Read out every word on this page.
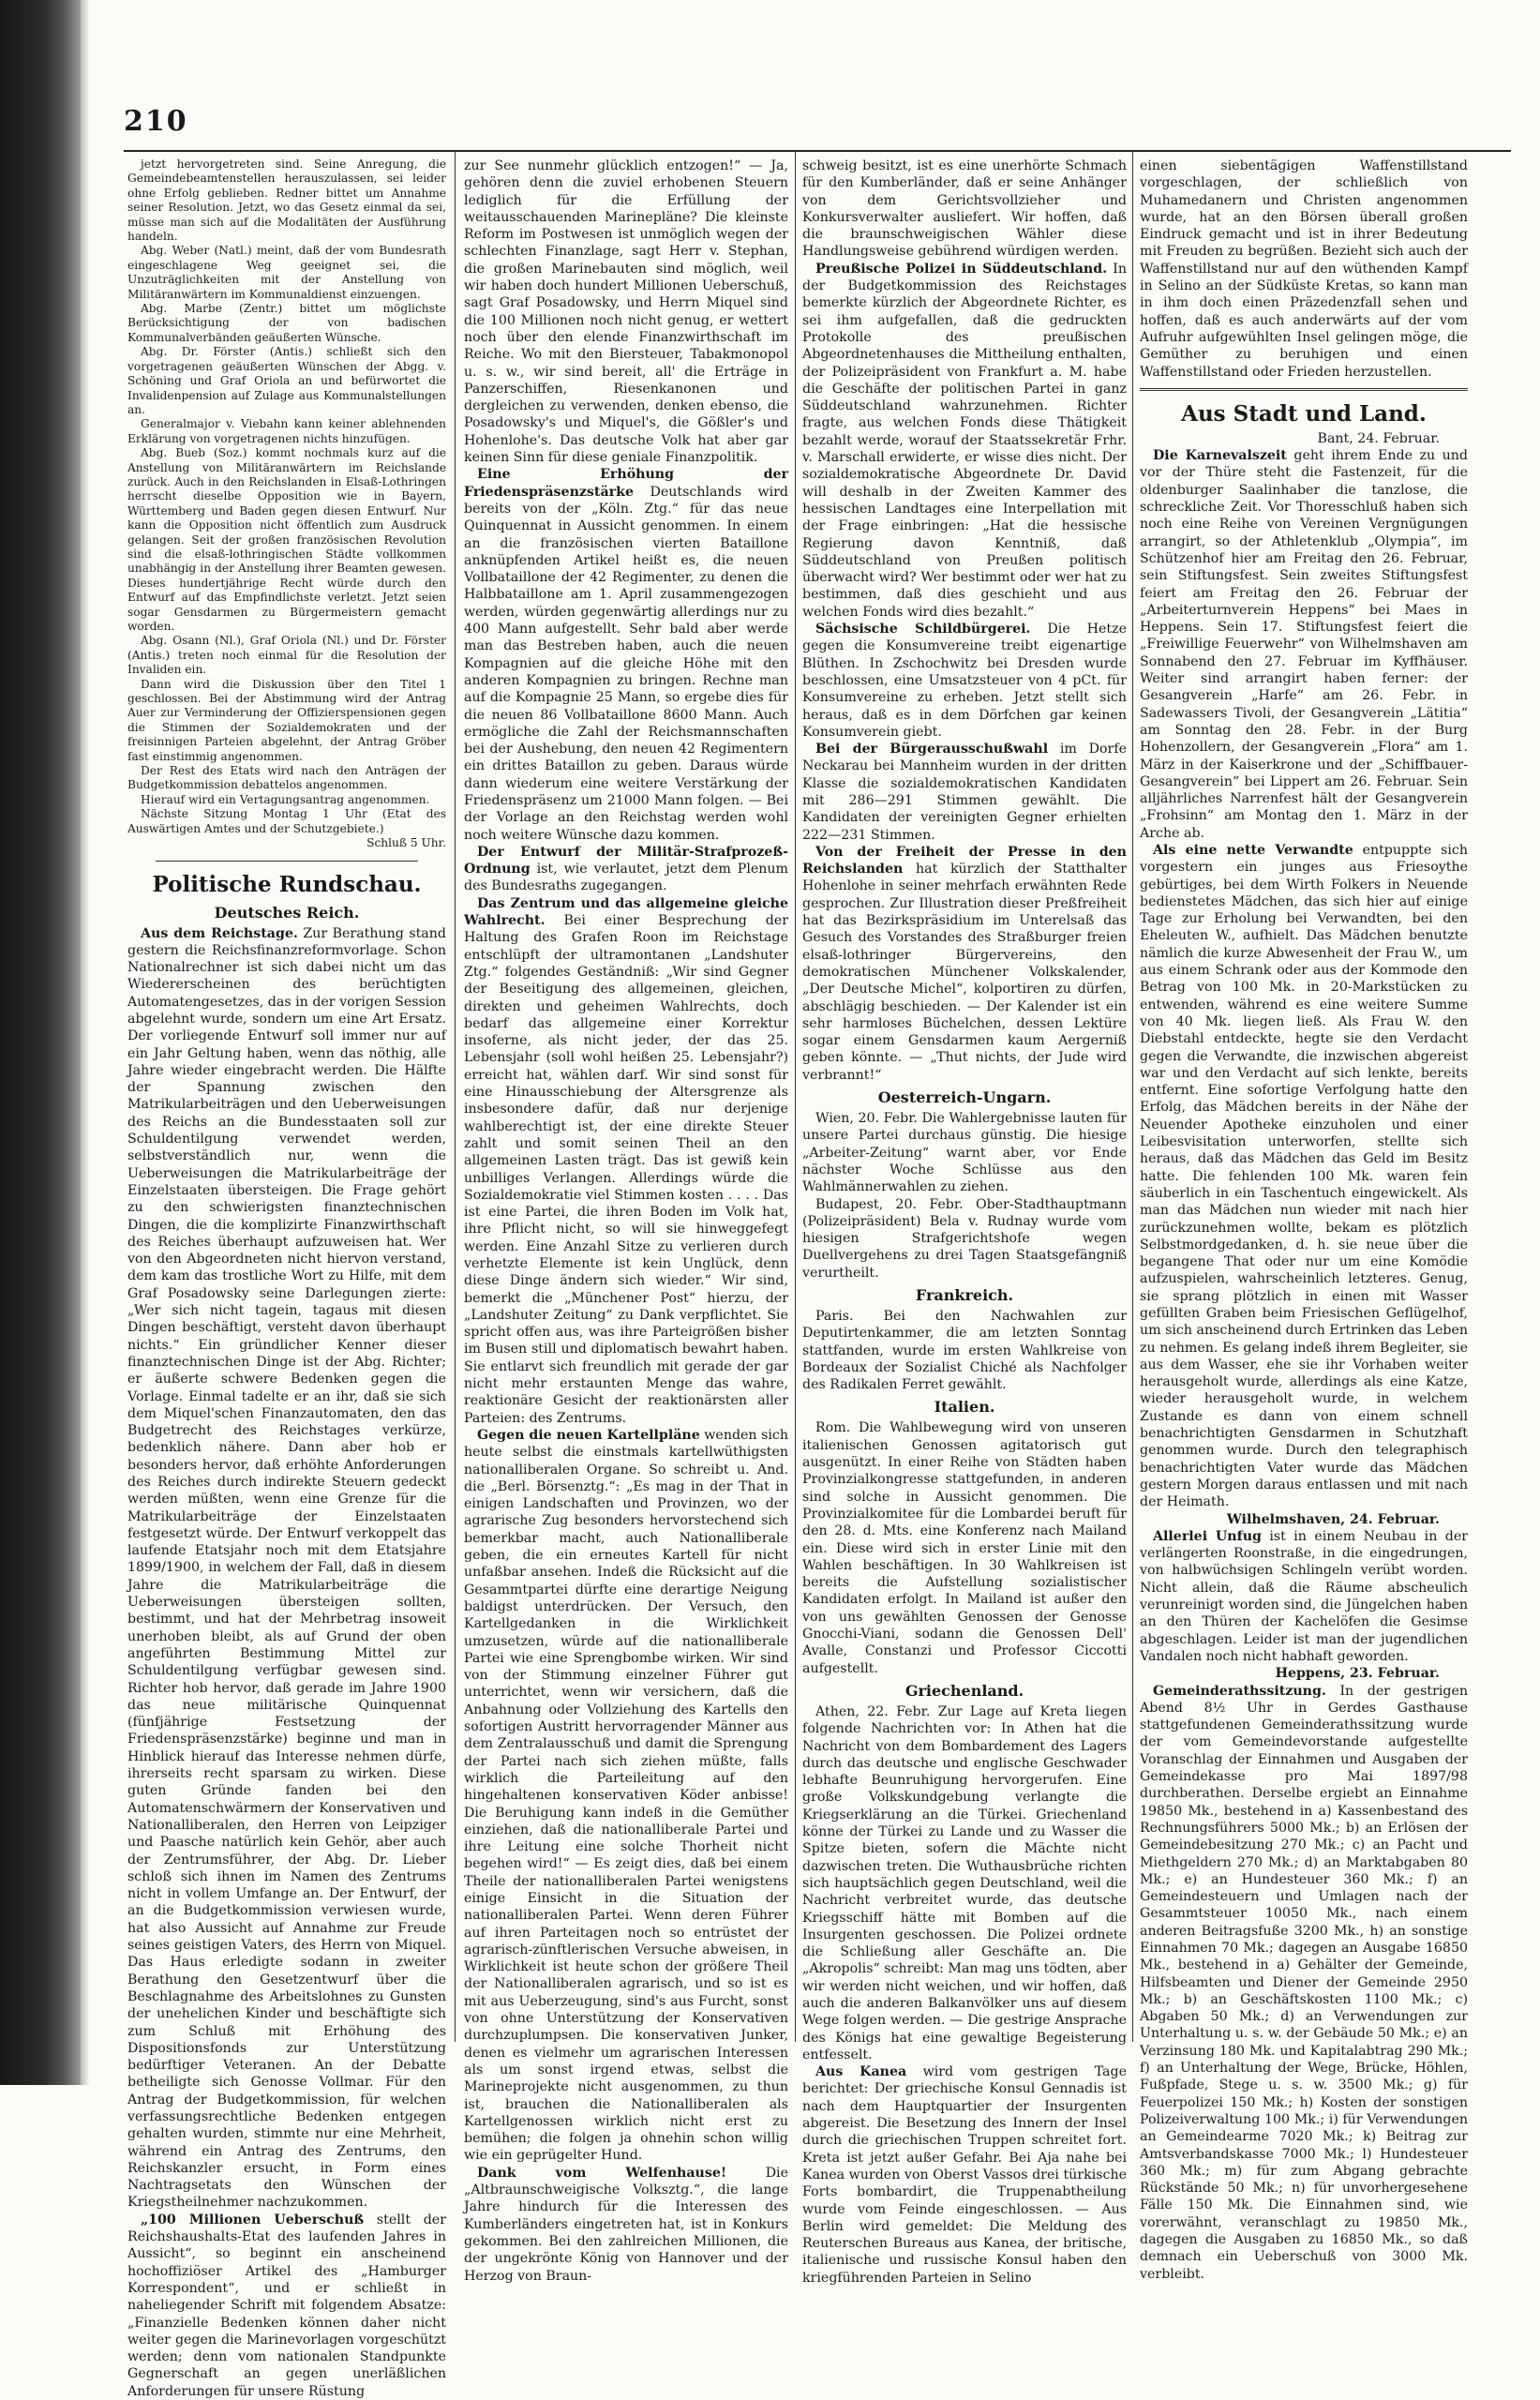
210

jetzt hervorgetreten sind. Seine Anregung, die Gemeindebeamtenstellen herauszulassen, sei leider ohne Erfolg geblieben. Redner bittet um Annahme seiner Resolution. Jetzt, wo das Gesetz einmal da sei, müsse man sich auf die Modalitäten der Ausführung handeln.

Abg. Weber (Natl.) meint, daß der vom Bundesrath eingeschlagene Weg geeignet sei, die Unzuträglichkeiten mit der Anstellung von Militäranwärtern im Kommunaldienst einzuengen.

Abg. Marbe (Zentr.) bittet um möglichste Berücksichtigung der von badischen Kommunalverbänden geäußerten Wünsche.

Abg. Dr. Förster (Antis.) schließt sich den vorgetragenen geäußerten Wünschen der Abgg. v. Schöning und Graf Oriola an und befürwortet die Invalidenpension auf Zulage aus Kommunalstellungen an.

Generalmajor v. Viebahn kann keiner ablehnenden Erklärung von vorgetragenen nichts hinzufügen.

Abg. Bueb (Soz.) kommt nochmals kurz auf die Anstellung von Militäranwärtern im Reichslande zurück. Auch in den Reichslanden in Elsaß-Lothringen herrscht dieselbe Opposition wie in Bayern, Württemberg und Baden gegen diesen Entwurf. Nur kann die Opposition nicht öffentlich zum Ausdruck gelangen. Seit der großen französischen Revolution sind die elsaß-lothringischen Städte vollkommen unabhängig in der Anstellung ihrer Beamten gewesen. Dieses hundertjährige Recht würde durch den Entwurf auf das Empfindlichste verletzt. Jetzt seien sogar Gensdarmen zu Bürgermeistern gemacht worden.

Abg. Osann (Nl.), Graf Oriola (Nl.) und Dr. Förster (Antis.) treten noch einmal für die Resolution der Invaliden ein.

Dann wird die Diskussion über den Titel 1 geschlossen. Bei der Abstimmung wird der Antrag Auer zur Verminderung der Offizierspensionen gegen die Stimmen der Sozialdemokraten und der freisinnigen Parteien abgelehnt, der Antrag Gröber fast einstimmig angenommen.

Der Rest des Etats wird nach den Anträgen der Budgetkommission debattelos angenommen.

Hierauf wird ein Vertagungsantrag angenommen.

Nächste Sitzung Montag 1 Uhr (Etat des Auswärtigen Amtes und der Schutzgebiete.)

Schluß 5 Uhr.

Politische Rundschau.
Deutsches Reich.

Aus dem Reichstage. Zur Berathung stand gestern die Reichsfinanzreformvorlage. Schon Nationalrechner ist sich dabei nicht um das Wiedererscheinen des berüchtigten Automatengesetzes, das in der vorigen Session abgelehnt wurde, sondern um eine Art Ersatz. Der vorliegende Entwurf soll immer nur auf ein Jahr Geltung haben, wenn das nöthig, alle Jahre wieder eingebracht werden. Die Hälfte der Spannung zwischen den Matrikularbeiträgen und den Ueberweisungen des Reichs an die Bundesstaaten soll zur Schuldentilgung verwendet werden, selbstverständlich nur, wenn die Ueberweisungen die Matrikularbeiträge der Einzelstaaten übersteigen. Die Frage gehört zu den schwierigsten finanztechnischen Dingen, die die komplizirte Finanzwirthschaft des Reiches überhaupt aufzuweisen hat. Wer von den Abgeordneten nicht hiervon verstand, dem kam das trostliche Wort zu Hilfe, mit dem Graf Posadowsky seine Darlegungen zierte: „Wer sich nicht tagein, tagaus mit diesen Dingen beschäftigt, versteht davon überhaupt nichts.“ Ein gründlicher Kenner dieser finanztechnischen Dinge ist der Abg. Richter; er äußerte schwere Bedenken gegen die Vorlage. Einmal tadelte er an ihr, daß sie sich dem Miquel'schen Finanzautomaten, den das Budgetrecht des Reichstages verkürze, bedenklich nähere. Dann aber hob er besonders hervor, daß erhöhte Anforderungen des Reiches durch indirekte Steuern gedeckt werden müßten, wenn eine Grenze für die Matrikularbeiträge der Einzelstaaten festgesetzt würde. Der Entwurf verkoppelt das laufende Etatsjahr noch mit dem Etatsjahre 1899/1900, in welchem der Fall, daß in diesem Jahre die Matrikularbeiträge die Ueberweisungen übersteigen sollten, bestimmt, und hat der Mehrbetrag insoweit unerhoben bleibt, als auf Grund der oben angeführten Bestimmung Mittel zur Schuldentilgung verfügbar gewesen sind. Richter hob hervor, daß gerade im Jahre 1900 das neue militärische Quinquennat (fünfjährige Festsetzung der Friedenspräsenzstärke) beginne und man in Hinblick hierauf das Interesse nehmen dürfe, ihrerseits recht sparsam zu wirken. Diese guten Gründe fanden bei den Automatenschwärmern der Konservativen und Nationalliberalen, den Herren von Leipziger und Paasche natürlich kein Gehör, aber auch der Zentrumsführer, der Abg. Dr. Lieber schloß sich ihnen im Namen des Zentrums nicht in vollem Umfange an. Der Entwurf, der an die Budgetkommission verwiesen wurde, hat also Aussicht auf Annahme zur Freude seines geistigen Vaters, des Herrn von Miquel. Das Haus erledigte sodann in zweiter Berathung den Gesetzentwurf über die Beschlagnahme des Arbeitslohnes zu Gunsten der unehelichen Kinder und beschäftigte sich zum Schluß mit Erhöhung des Dispositionsfonds zur Unterstützung bedürftiger Veteranen. An der Debatte betheiligte sich Genosse Vollmar. Für den Antrag der Budgetkommission, für welchen verfassungsrechtliche Bedenken entgegen gehalten wurden, stimmte nur eine Mehrheit, während ein Antrag des Zentrums, den Reichskanzler ersucht, in Form eines Nachtragsetats den Wünschen der Kriegstheilnehmer nachzukommen.

„100 Millionen Ueberschuß stellt der Reichshaushalts-Etat des laufenden Jahres in Aussicht“, so beginnt ein anscheinend hochoffiziöser Artikel des „Hamburger Korrespondent“, und er schließt in naheliegender Schrift mit folgendem Absatze: „Finanzielle Bedenken können daher nicht weiter gegen die Marinevorlagen vorgeschützt werden; denn vom nationalen Standpunkte Gegnerschaft an gegen unerläßlichen Anforderungen für unsere Rüstung

zur See nunmehr glücklich entzogen!“ — Ja, gehören denn die zuviel erhobenen Steuern lediglich für die Erfüllung der weitausschauenden Marinepläne? Die kleinste Reform im Postwesen ist unmöglich wegen der schlechten Finanzlage, sagt Herr v. Stephan, die großen Marinebauten sind möglich, weil wir haben doch hundert Millionen Ueberschuß, sagt Graf Posadowsky, und Herrn Miquel sind die 100 Millionen noch nicht genug, er wettert noch über den elende Finanzwirthschaft im Reiche. Wo mit den Biersteuer, Tabakmonopol u. s. w., wir sind bereit, all' die Erträge in Panzerschiffen, Riesenkanonen und dergleichen zu verwenden, denken ebenso, die Posadowsky's und Miquel's, die Gößler's und Hohenlohe's. Das deutsche Volk hat aber gar keinen Sinn für diese geniale Finanzpolitik.

Eine Erhöhung der Friedenspräsenzstärke Deutschlands wird bereits von der „Köln. Ztg.“ für das neue Quinquennat in Aussicht genommen. In einem an die französischen vierten Bataillone anknüpfenden Artikel heißt es, die neuen Vollbataillone der 42 Regimenter, zu denen die Halbbataillone am 1. April zusammengezogen werden, würden gegenwärtig allerdings nur zu 400 Mann aufgestellt. Sehr bald aber werde man das Bestreben haben, auch die neuen Kompagnien auf die gleiche Höhe mit den anderen Kompagnien zu bringen. Rechne man auf die Kompagnie 25 Mann, so ergebe dies für die neuen 86 Vollbataillone 8600 Mann. Auch ermögliche die Zahl der Reichsmannschaften bei der Aushebung, den neuen 42 Regimentern ein drittes Bataillon zu geben. Daraus würde dann wiederum eine weitere Verstärkung der Friedenspräsenz um 21000 Mann folgen. — Bei der Vorlage an den Reichstag werden wohl noch weitere Wünsche dazu kommen.

Der Entwurf der Militär-Strafprozeß-Ordnung ist, wie verlautet, jetzt dem Plenum des Bundesraths zugegangen.

Das Zentrum und das allgemeine gleiche Wahlrecht. Bei einer Besprechung der Haltung des Grafen Roon im Reichstage entschlüpft der ultramontanen „Landshuter Ztg.“ folgendes Geständniß: „Wir sind Gegner der Beseitigung des allgemeinen, gleichen, direkten und geheimen Wahlrechts, doch bedarf das allgemeine einer Korrektur insoferne, als nicht jeder, der das 25. Lebensjahr (soll wohl heißen 25. Lebensjahr?) erreicht hat, wählen darf. Wir sind sonst für eine Hinausschiebung der Altersgrenze als insbesondere dafür, daß nur derjenige wahlberechtigt ist, der eine direkte Steuer zahlt und somit seinen Theil an den allgemeinen Lasten trägt. Das ist gewiß kein unbilliges Verlangen. Allerdings würde die Sozialdemokratie viel Stimmen kosten . . . . Das ist eine Partei, die ihren Boden im Volk hat, ihre Pflicht nicht, so will sie hinweggefegt werden. Eine Anzahl Sitze zu verlieren durch verhetzte Elemente ist kein Unglück, denn diese Dinge ändern sich wieder.“ Wir sind, bemerkt die „Münchener Post“ hierzu, der „Landshuter Zeitung“ zu Dank verpflichtet. Sie spricht offen aus, was ihre Parteigrößen bisher im Busen still und diplomatisch bewahrt haben. Sie entlarvt sich freundlich mit gerade der gar nicht mehr erstaunten Menge das wahre, reaktionäre Gesicht der reaktionärsten aller Parteien: des Zentrums.

Gegen die neuen Kartellpläne wenden sich heute selbst die einstmals kartellwüthigsten nationalliberalen Organe. So schreibt u. And. die „Berl. Börsenztg.“: „Es mag in der That in einigen Landschaften und Provinzen, wo der agrarische Zug besonders hervorstechend sich bemerkbar macht, auch Nationalliberale geben, die ein erneutes Kartell für nicht unfaßbar ansehen. Indeß die Rücksicht auf die Gesammtpartei dürfte eine derartige Neigung baldigst unterdrücken. Der Versuch, den Kartellgedanken in die Wirklichkeit umzusetzen, würde auf die nationalliberale Partei wie eine Sprengbombe wirken. Wir sind von der Stimmung einzelner Führer gut unterrichtet, wenn wir versichern, daß die Anbahnung oder Vollziehung des Kartells den sofortigen Austritt hervorragender Männer aus dem Zentralausschuß und damit die Sprengung der Partei nach sich ziehen müßte, falls wirklich die Parteileitung auf den hingehaltenen konservativen Köder anbisse! Die Beruhigung kann indeß in die Gemüther einziehen, daß die nationalliberale Partei und ihre Leitung eine solche Thorheit nicht begehen wird!“ — Es zeigt dies, daß bei einem Theile der nationalliberalen Partei wenigstens einige Einsicht in die Situation der nationalliberalen Partei. Wenn deren Führer auf ihren Parteitagen noch so entrüstet der agrarisch-zünftlerischen Versuche abweisen, in Wirklichkeit ist heute schon der größere Theil der Nationalliberalen agrarisch, und so ist es mit aus Ueberzeugung, sind's aus Furcht, sonst von ohne Unterstützung der Konservativen durchzuplumpsen. Die konservativen Junker, denen es vielmehr um agrarischen Interessen als um sonst irgend etwas, selbst die Marineprojekte nicht ausgenommen, zu thun ist, brauchen die Nationalliberalen als Kartellgenossen wirklich nicht erst zu bemühen; die folgen ja ohnehin schon willig wie ein geprügelter Hund.

Dank vom Welfenhause!	Die „Altbraunschweigische Volksztg.“, die lange Jahre hindurch für die Interessen des Kumberländers eingetreten hat, ist in Konkurs gekommen. Bei den zahlreichen Millionen, die der ungekrönte König von Hannover und der Herzog von Braun-

schweig besitzt, ist es eine unerhörte Schmach für den Kumberländer, daß er seine Anhänger von dem Gerichtsvollzieher und Konkursverwalter ausliefert. Wir hoffen, daß die braunschweigischen Wähler diese Handlungsweise gebührend würdigen werden.

Preußische Polizei in Süddeutschland. In der Budgetkommission des Reichstages bemerkte kürzlich der Abgeordnete Richter, es sei ihm aufgefallen, daß die gedruckten Protokolle des preußischen Abgeordnetenhauses die Mittheilung enthalten, der Polizeipräsident von Frankfurt a. M. habe die Geschäfte der politischen Partei in ganz Süddeutschland wahrzunehmen. Richter fragte, aus welchen Fonds diese Thätigkeit bezahlt werde, worauf der Staatssekretär Frhr. v. Marschall erwiderte, er wisse dies nicht. Der sozialdemokratische Abgeordnete Dr. David will deshalb in der Zweiten Kammer des hessischen Landtages eine Interpellation mit der Frage einbringen: „Hat die hessische Regierung davon Kenntniß, daß Süddeutschland von Preußen politisch überwacht wird? Wer bestimmt oder wer hat zu bestimmen, daß dies geschieht und aus welchen Fonds wird dies bezahlt.“

Sächsische Schildbürgerei. Die Hetze gegen die Konsumvereine treibt eigenartige Blüthen. In Zschochwitz bei Dresden wurde beschlossen, eine Umsatzsteuer von 4 pCt. für Konsumvereine zu erheben. Jetzt stellt sich heraus, daß es in dem Dörfchen gar keinen Konsumverein giebt.

Bei der Bürgerausschußwahl im Dorfe Neckarau bei Mannheim wurden in der dritten Klasse die sozialdemokratischen Kandidaten mit 286—291 Stimmen gewählt. Die Kandidaten der vereinigten Gegner erhielten 222—231 Stimmen.

Von der Freiheit der Presse in den Reichslanden hat kürzlich der Statthalter Hohenlohe in seiner mehrfach erwähnten Rede gesprochen. Zur Illustration dieser Preßfreiheit hat das Bezirkspräsidium im Unterelsaß das Gesuch des Vorstandes des Straßburger freien elsaß-lothringer Bürgervereins, den demokratischen Münchener Volkskalender, „Der Deutsche Michel“, kolportiren zu dürfen, abschlägig beschieden. — Der Kalender ist ein sehr harmloses Büchelchen, dessen Lektüre sogar einem Gensdarmen kaum Aergerniß geben könnte. — „Thut nichts, der Jude wird verbrannt!“

Oesterreich-Ungarn.

Wien, 20. Febr. Die Wahlergebnisse lauten für unsere Partei durchaus günstig. Die hiesige „Arbeiter-Zeitung“ warnt aber, vor Ende nächster Woche Schlüsse aus den Wahlmännerwahlen zu ziehen.

Budapest, 20. Febr. Ober-Stadthauptmann (Polizeipräsident) Bela v. Rudnay wurde vom hiesigen Strafgerichtshofe wegen Duellvergehens zu drei Tagen Staatsgefängniß verurtheilt.

Frankreich.

Paris. Bei den Nachwahlen zur Deputirtenkammer, die am letzten Sonntag stattfanden, wurde im ersten Wahlkreise von Bordeaux der Sozialist Chiché als Nachfolger des Radikalen Ferret gewählt.

Italien.

Rom. Die Wahlbewegung wird von unseren italienischen Genossen agitatorisch gut ausgenützt. In einer Reihe von Städten haben Provinzialkongresse stattgefunden, in anderen sind solche in Aussicht genommen. Die Provinzialkomitee für die Lombardei beruft für den 28. d. Mts. eine Konferenz nach Mailand ein. Diese wird sich in erster Linie mit den Wahlen beschäftigen. In 30 Wahlkreisen ist bereits die Aufstellung sozialistischer Kandidaten erfolgt. In Mailand ist außer den von uns gewählten Genossen der Genosse Gnocchi-Viani, sodann die Genossen Dell' Avalle, Constanzi und Professor Ciccotti aufgestellt.

Griechenland.

Athen, 22. Febr. Zur Lage auf Kreta liegen folgende Nachrichten vor: In Athen hat die Nachricht von dem Bombardement des Lagers durch das deutsche und englische Geschwader lebhafte Beunruhigung hervorgerufen. Eine große Volkskundgebung verlangte die Kriegserklärung an die Türkei. Griechenland könne der Türkei zu Lande und zu Wasser die Spitze bieten, sofern die Mächte nicht dazwischen treten. Die Wuthausbrüche richten sich hauptsächlich gegen Deutschland, weil die Nachricht verbreitet wurde, das deutsche Kriegsschiff hätte mit Bomben auf die Insurgenten geschossen. Die Polizei ordnete die Schließung aller Geschäfte an. Die „Akropolis“ schreibt: Man mag uns tödten, aber wir werden nicht weichen, und wir hoffen, daß auch die anderen Balkanvölker uns auf diesem Wege folgen werden. — Die gestrige Ansprache des Königs hat eine gewaltige Begeisterung entfesselt.

Aus Kanea wird vom gestrigen Tage berichtet: Der griechische Konsul Gennadis ist nach dem Hauptquartier der Insurgenten abgereist. Die Besetzung des Innern der Insel durch die griechischen Truppen schreitet fort. Kreta ist jetzt außer Gefahr. Bei Aja nahe bei Kanea wurden von Oberst Vassos drei türkische Forts bombardirt, die Truppenabtheilung wurde vom Feinde eingeschlossen. — Aus Berlin wird gemeldet: Die Meldung des Reuterschen Bureaus aus Kanea, der britische, italienische und russische Konsul haben den kriegführenden Parteien in Selino

einen siebentägigen Waffenstillstand vorgeschlagen, der schließlich von Muhamedanern und Christen angenommen wurde, hat an den Börsen überall großen Eindruck gemacht und ist in ihrer Bedeutung mit Freuden zu begrüßen. Bezieht sich auch der Waffenstillstand nur auf den wüthenden Kampf in Selino an der Südküste Kretas, so kann man in ihm doch einen Präzedenzfall sehen und hoffen, daß es auch anderwärts auf der vom Aufruhr aufgewühlten Insel gelingen möge, die Gemüther zu beruhigen und einen Waffenstillstand oder Frieden herzustellen.

Aus Stadt und Land.
Bant, 24. Februar.

Die Karnevalszeit geht ihrem Ende zu und vor der Thüre steht die Fastenzeit, für die oldenburger Saalinhaber die tanzlose, die schreckliche Zeit. Vor Thoresschluß haben sich noch eine Reihe von Vereinen Vergnügungen arrangirt, so der Athletenklub „Olympia“, im Schützenhof hier am Freitag den 26. Februar, sein Stiftungsfest. Sein zweites Stiftungsfest feiert am Freitag den 26. Februar der „Arbeiterturnverein Heppens“ bei Maes in Heppens. Sein 17. Stiftungsfest feiert die „Freiwillige Feuerwehr“ von Wilhelmshaven am Sonnabend den 27. Februar im Kyffhäuser. Weiter sind arrangirt haben ferner: der Gesangverein „Harfe“ am 26. Febr. in Sadewassers Tivoli, der Gesangverein „Lätitia“ am Sonntag den 28. Febr. in der Burg Hohenzollern, der Gesangverein „Flora“ am 1. März in der Kaiserkrone und der „Schiffbauer-Gesangverein“ bei Lippert am 26. Februar. Sein alljährliches Narrenfest hält der Gesangverein „Frohsinn“ am Montag den 1. März in der Arche ab.

Als eine nette Verwandte entpuppte sich vorgestern ein junges aus Friesoythe gebürtiges, bei dem Wirth Folkers in Neuende bedienstetes Mädchen, das sich hier auf einige Tage zur Erholung bei Verwandten, bei den Eheleuten W., aufhielt. Das Mädchen benutzte nämlich die kurze Abwesenheit der Frau W., um aus einem Schrank oder aus der Kommode den Betrag von 100 Mk. in 20-Markstücken zu entwenden, während es eine weitere Summe von 40 Mk. liegen ließ. Als Frau W. den Diebstahl entdeckte, hegte sie den Verdacht gegen die Verwandte, die inzwischen abgereist war und den Verdacht auf sich lenkte, bereits entfernt. Eine sofortige Verfolgung hatte den Erfolg, das Mädchen bereits in der Nähe der Neuender Apotheke einzuholen und einer Leibesvisitation unterworfen, stellte sich heraus, daß das Mädchen das Geld im Besitz hatte. Die fehlenden 100 Mk. waren fein säuberlich in ein Taschentuch eingewickelt. Als man das Mädchen nun wieder mit nach hier zurückzunehmen wollte, bekam es plötzlich Selbstmordgedanken, d. h. sie neue über die begangene That oder nur um eine Komödie aufzuspielen, wahrscheinlich letzteres. Genug, sie sprang plötzlich in einen mit Wasser gefüllten Graben beim Friesischen Geflügelhof, um sich anscheinend durch Ertrinken das Leben zu nehmen. Es gelang indeß ihrem Begleiter, sie aus dem Wasser, ehe sie ihr Vorhaben weiter herausgeholt wurde, allerdings als eine Katze, wieder herausgeholt wurde, in welchem Zustande es dann von einem schnell benachrichtigten Gensdarmen in Schutzhaft genommen wurde. Durch den telegraphisch benachrichtigten Vater wurde das Mädchen gestern Morgen daraus entlassen und mit nach der Heimath.

Wilhelmshaven, 24. Februar.

Allerlei Unfug ist in einem Neubau in der verlängerten Roonstraße, in die eingedrungen, von halbwüchsigen Schlingeln verübt worden. Nicht allein, daß die Räume abscheulich verunreinigt worden sind, die Jüngelchen haben an den Thüren der Kachelöfen die Gesimse abgeschlagen. Leider ist man der jugendlichen Vandalen noch nicht habhaft geworden.

Heppens, 23. Februar.

Gemeinderathssitzung. In der gestrigen Abend 8½ Uhr in Gerdes Gasthause stattgefundenen Gemeinderathssitzung wurde der vom Gemeindevorstande aufgestellte Voranschlag der Einnahmen und Ausgaben der Gemeindekasse pro Mai 1897/98 durchberathen. Derselbe ergiebt an Einnahme 19850 Mk., bestehend in a) Kassenbestand des Rechnungsführers 5000 Mk.; b) an Erlösen der Gemeindebesitzung 270 Mk.; c) an Pacht und Miethgeldern 270 Mk.; d) an Marktabgaben 80 Mk.; e) an Hundesteuer 360 Mk.; f) an Gemeindesteuern und Umlagen nach der Gesammtsteuer 10050 Mk., nach einem anderen Beitragsfuße 3200 Mk., h) an sonstige Einnahmen 70 Mk.; dagegen an Ausgabe 16850 Mk., bestehend in a) Gehälter der Gemeinde, Hilfsbeamten und Diener der Gemeinde 2950 Mk.; b) an Geschäftskosten 1100 Mk.; c) Abgaben 50 Mk.; d) an Verwendungen zur Unterhaltung u. s. w. der Gebäude 50 Mk.; e) an Verzinsung 180 Mk. und Kapitalabtrag 290 Mk.; f) an Unterhaltung der Wege, Brücke, Höhlen, Fußpfade, Stege u. s. w. 3500 Mk.; g) für Feuerpolizei 150 Mk.; h) Kosten der sonstigen Polizeiverwaltung 100 Mk.; i) für Verwendungen an Gemeindearme 7020 Mk.; k) Beitrag zur Amtsverbandskasse 7000 Mk.; l) Hundesteuer 360 Mk.; m) für zum Abgang gebrachte Rückstände 50 Mk.; n) für unvorhergesehene Fälle 150 Mk. Die Einnahmen sind, wie vorerwähnt, veranschlagt zu 19850 Mk., dagegen die Ausgaben zu 16850 Mk., so daß demnach ein Ueberschuß von 3000 Mk. verbleibt.
